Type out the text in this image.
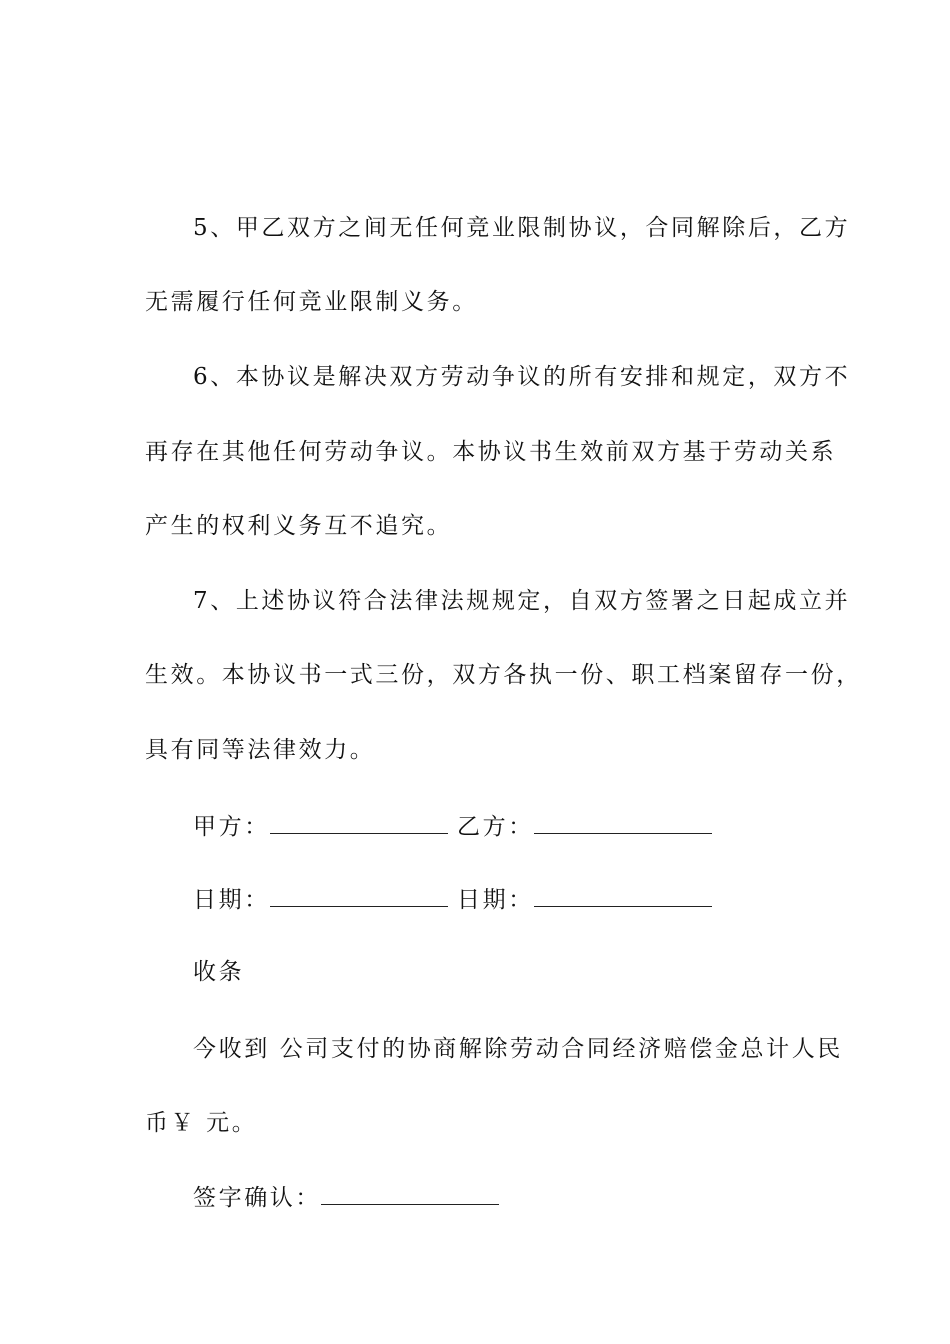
5、甲乙双方之间无任何竞业限制协议，合同解除后，乙方
无需履行任何竞业限制义务。
6、本协议是解决双方劳动争议的所有安排和规定，双方不
再存在其他任何劳动争议。本协议书生效前双方基于劳动关系
产生的权利义务互不追究。
7、上述协议符合法律法规规定，自双方签署之日起成立并
生效。本协议书一式三份，双方各执一份、职工档案留存一份，
具有同等法律效力。
甲方：	乙方：
日期：	日期：
收条
今收到 公司支付的协商解除劳动合同经济赔偿金总计人民
币￥ 元。
签字确认：
